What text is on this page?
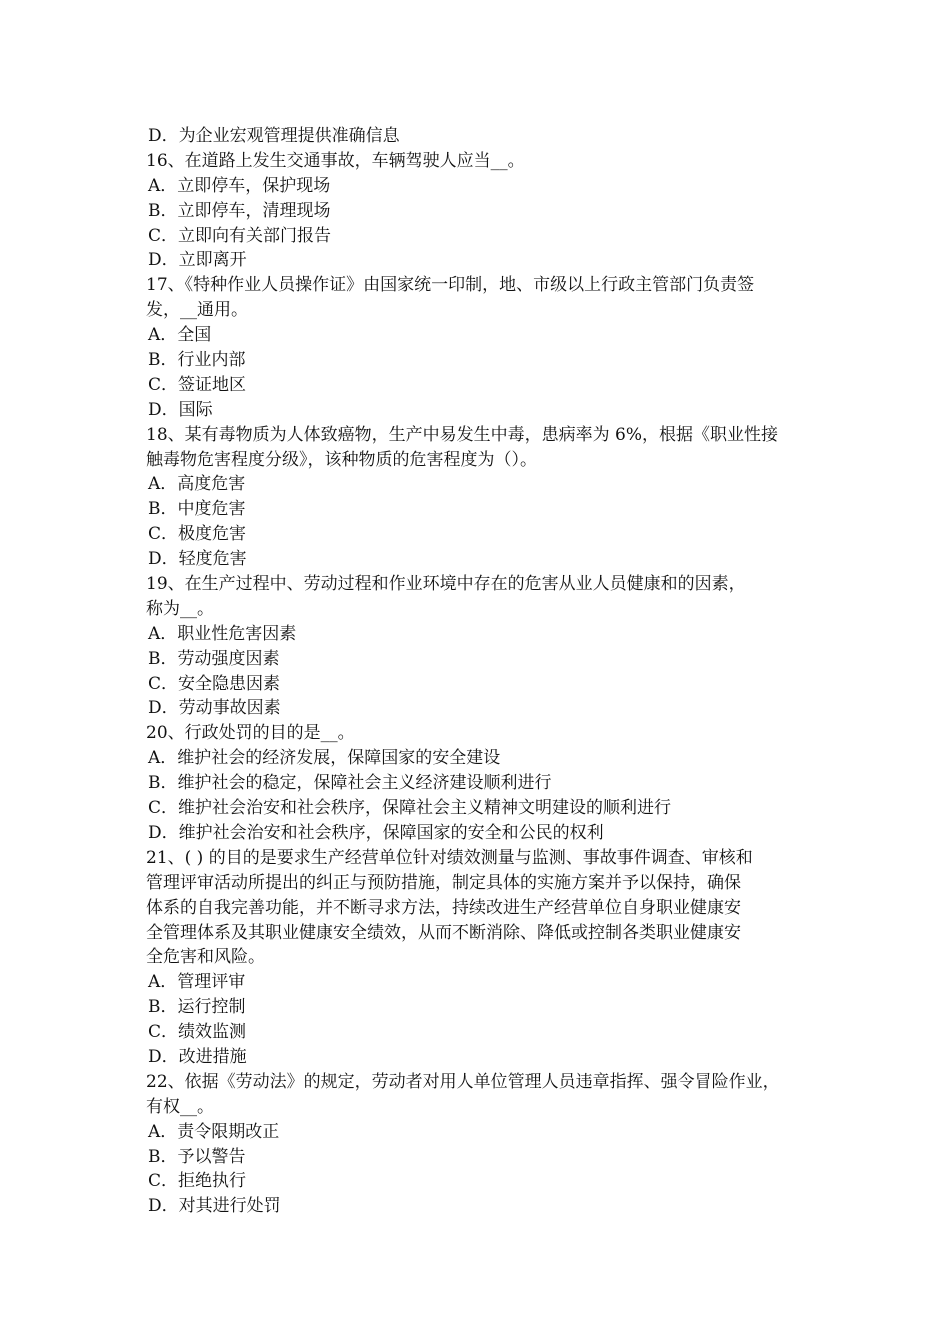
D．为企业宏观管理提供准确信息
16、在道路上发生交通事故，车辆驾驶人应当__。
A．立即停车，保护现场
B．立即停车，清理现场
C．立即向有关部门报告
D．立即离开
17、《特种作业人员操作证》由国家统一印制，地、市级以上行政主管部门负责签
发，__通用。
A．全国
B．行业内部
C．签证地区
D．国际
18、某有毒物质为人体致癌物，生产中易发生中毒，患病率为 6%，根据《职业性接
触毒物危害程度分级》，该种物质的危害程度为（）。
A．高度危害
B．中度危害
C．极度危害
D．轻度危害
19、在生产过程中、劳动过程和作业环境中存在的危害从业人员健康和的因素，
称为__。
A．职业性危害因素
B．劳动强度因素
C．安全隐患因素
D．劳动事故因素
20、行政处罚的目的是__。
A．维护社会的经济发展，保障国家的安全建设
B．维护社会的稳定，保障社会主义经济建设顺利进行
C．维护社会治安和社会秩序，保障社会主义精神文明建设的顺利进行
D．维护社会治安和社会秩序，保障国家的安全和公民的权利
21、( ) 的目的是要求生产经营单位针对绩效测量与监测、事故事件调查、审核和
管理评审活动所提出的纠正与预防措施，制定具体的实施方案并予以保持，确保
体系的自我完善功能，并不断寻求方法，持续改进生产经营单位自身职业健康安
全管理体系及其职业健康安全绩效，从而不断消除、降低或控制各类职业健康安
全危害和风险。
A．管理评审
B．运行控制
C．绩效监测
D．改进措施
22、依据《劳动法》的规定，劳动者对用人单位管理人员违章指挥、强令冒险作业，
有权__。
A．责令限期改正
B．予以警告
C．拒绝执行
D．对其进行处罚
